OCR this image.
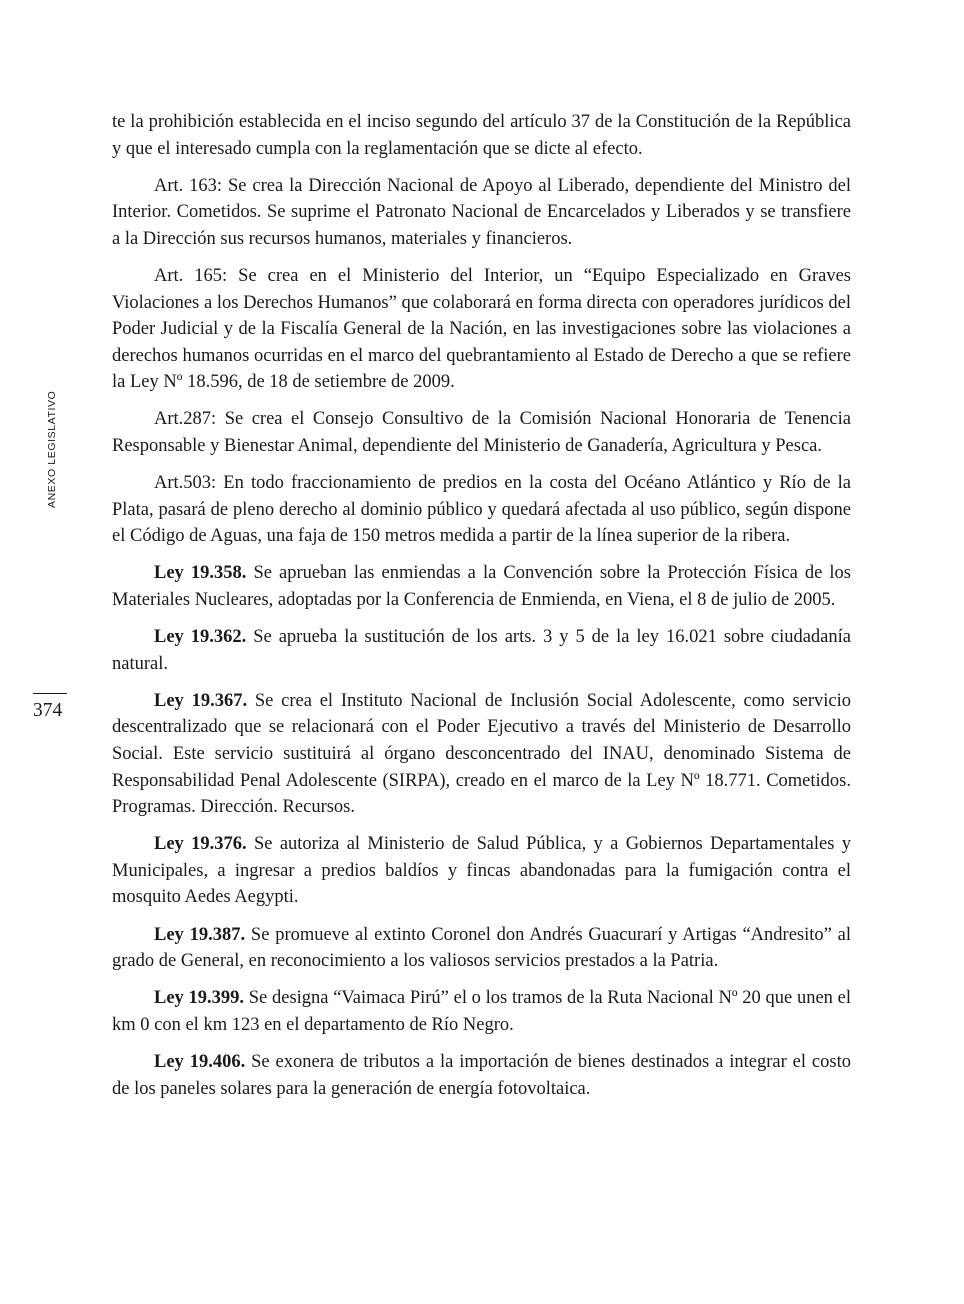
ANEXO LEGISLATIVO
374

te la prohibición establecida en el inciso segundo del artículo 37 de la Constitución de la República y que el interesado cumpla con la reglamentación que se dicte al efecto.

Art. 163: Se crea la Dirección Nacional de Apoyo al Liberado, dependiente del Ministro del Interior. Cometidos. Se suprime el Patronato Nacional de Encarcelados y Liberados y se transfiere a la Dirección sus recursos humanos, materiales y financieros.

Art. 165: Se crea en el Ministerio del Interior, un “Equipo Especializado en Graves Violaciones a los Derechos Humanos” que colaborará en forma directa con operadores jurídicos del Poder Judicial y de la Fiscalía General de la Nación, en las investigaciones sobre las violaciones a derechos humanos ocurridas en el marco del quebrantamiento al Estado de Derecho a que se refiere la Ley Nº 18.596, de 18 de setiembre de 2009.

Art.287: Se crea el Consejo Consultivo de la Comisión Nacional Honoraria de Tenencia Responsable y Bienestar Animal, dependiente del Ministerio de Ganadería, Agricultura y Pesca.

Art.503: En todo fraccionamiento de predios en la costa del Océano Atlántico y Río de la Plata, pasará de pleno derecho al dominio público y quedará afectada al uso público, según dispone el Código de Aguas, una faja de 150 metros medida a partir de la línea superior de la ribera.

Ley 19.358. Se aprueban las enmiendas a la Convención sobre la Protección Física de los Materiales Nucleares, adoptadas por la Conferencia de Enmienda, en Viena, el 8 de julio de 2005.

Ley 19.362. Se aprueba la sustitución de los arts. 3 y 5 de la ley 16.021 sobre ciudadanía natural.

Ley 19.367. Se crea el Instituto Nacional de Inclusión Social Adolescente, como servicio descentralizado que se relacionará con el Poder Ejecutivo a través del Ministerio de Desarrollo Social. Este servicio sustituirá al órgano desconcentrado del INAU, denominado Sistema de Responsabilidad Penal Adolescente (SIRPA), creado en el marco de la Ley Nº 18.771. Cometidos. Programas. Dirección. Recursos.

Ley 19.376. Se autoriza al Ministerio de Salud Pública, y a Gobiernos Departamentales y Municipales, a ingresar a predios baldíos y fincas abandonadas para la fumigación contra el mosquito Aedes Aegypti.

Ley 19.387. Se promueve al extinto Coronel don Andrés Guacurarí y Artigas “Andresito” al grado de General, en reconocimiento a los valiosos servicios prestados a la Patria.

Ley 19.399. Se designa “Vaimaca Pirú” el o los tramos de la Ruta Nacional Nº 20 que unen el km 0 con el km 123 en el departamento de Río Negro.

Ley 19.406. Se exonera de tributos a la importación de bienes destinados a integrar el costo de los paneles solares para la generación de energía fotovoltaica.
